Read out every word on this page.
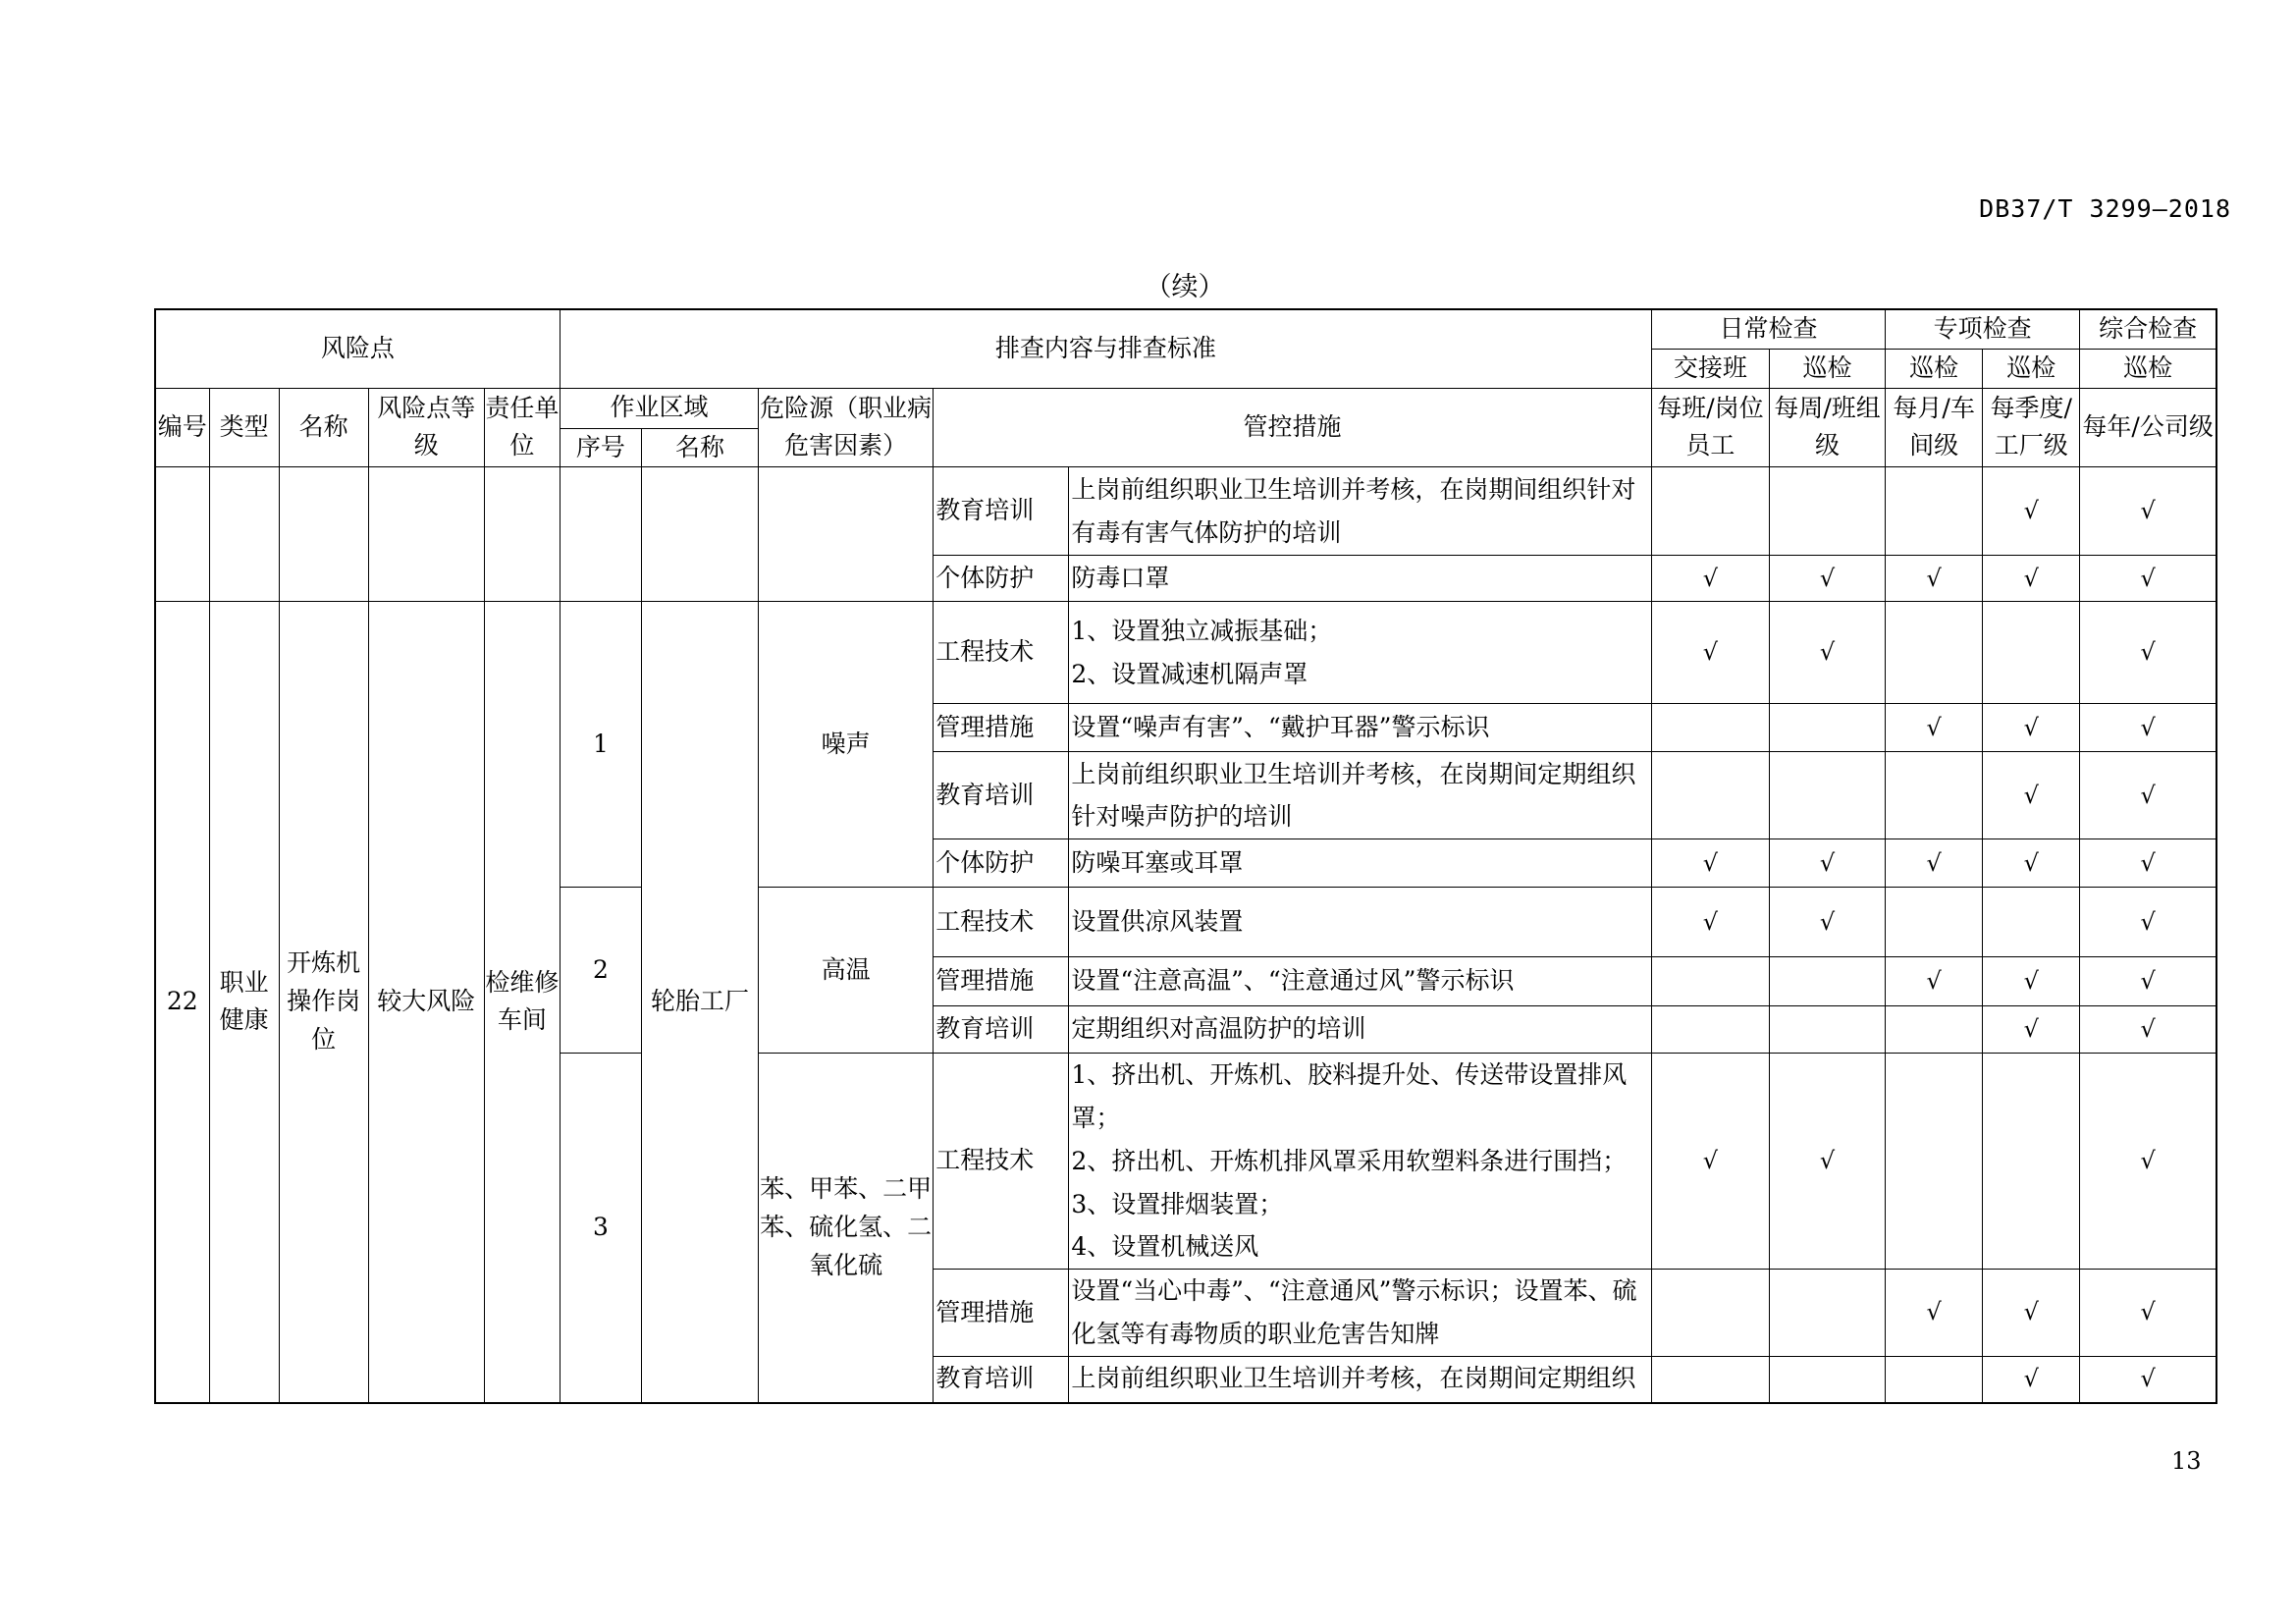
DB37/T 3299—2018
（续）
风险点					排查内容与排查标准					日常检查		专项检查		综合检查
										交接班	巡检	巡检	巡检	巡检
编号	类型	名称	风险点等级	责任单位	作业区域		危险源（职业病危害因素）	管控措施		每班/岗位员工	每周/班组级	每月/车间级	每季度/工厂级	每年/公司级
					序号	名称								
								教育培训	上岗前组织职业卫生培训并考核，在岗期间组织针对有毒有害气体防护的培训				√	√
								个体防护	防毒口罩	√	√	√	√	√
22	职业健康	开炼机操作岗位	较大风险	检维修车间	1	轮胎工厂	噪声	工程技术	1、设置独立减振基础；
2、设置减速机隔声罩	√	√			√
								管理措施	设置“噪声有害”、“戴护耳器”警示标识			√	√	√
								教育培训	上岗前组织职业卫生培训并考核，在岗期间定期组织针对噪声防护的培训				√	√
								个体防护	防噪耳塞或耳罩	√	√	√	√	√
					2		高温	工程技术	设置供凉风装置	√	√			√
								管理措施	设置“注意高温”、“注意通过风”警示标识			√	√	√
								教育培训	定期组织对高温防护的培训				√	√
					3		苯、甲苯、二甲苯、硫化氢、二氧化硫	工程技术	1、挤出机、开炼机、胶料提升处、传送带设置排风罩；
2、挤出机、开炼机排风罩采用软塑料条进行围挡；
3、设置排烟装置；
4、设置机械送风	√	√			√
								管理措施	设置“当心中毒”、“注意通风”警示标识；设置苯、硫化氢等有毒物质的职业危害告知牌			√	√	√
								教育培训	上岗前组织职业卫生培训并考核，在岗期间定期组织				√	√
13
